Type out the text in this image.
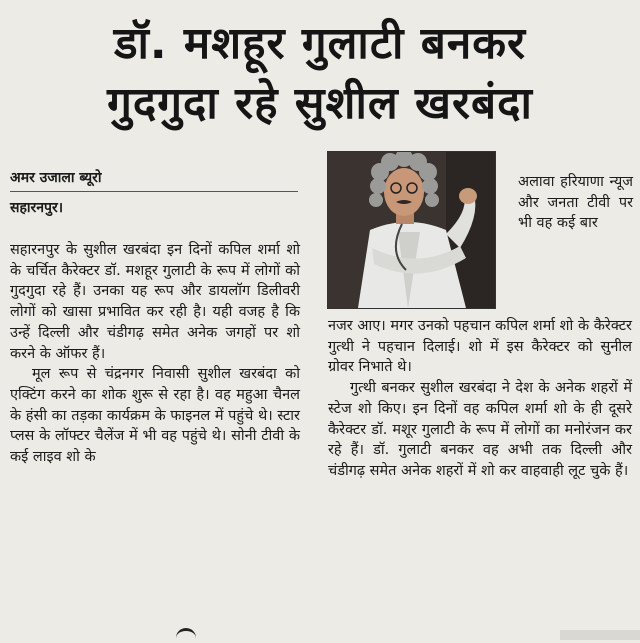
डॉ. मशहूर गुलाटी बनकर
गुदगुदा रहे सुशील खरबंदा
अमर उजाला ब्यूरो
सहारनपुर।

सहारनपुर के सुशील खरबंदा इन दिनों कपिल शर्मा शो के चर्चित कैरेक्टर डॉ. मशहूर गुलाटी के रूप में लोगों को गुदगुदा रहे हैं। उनका यह रूप और डायलॉग डिलीवरी लोगों को खासा प्रभावित कर रही है। यही वजह है कि उन्हें दिल्ली और चंडीगढ़ समेत अनेक जगहों पर शो करने के ऑफर हैं।

मूल रूप से चंद्रनगर निवासी सुशील खरबंदा को एक्टिंग करने का शोक शुरू से रहा है। वह महुआ चैनल के हंसी का तड़का कार्यक्रम के फाइनल में पहुंचे थे। स्टार प्लस के लॉफ्टर चैलेंज में भी वह पहुंचे थे। सोनी टीवी के कई लाइव शो के

अलावा हरियाणा न्यूज और जनता टीवी पर भी वह कई बार

नजर आए। मगर उनको पहचान कपिल शर्मा शो के कैरेक्टर गुत्थी ने पहचान दिलाई। शो में इस कैरेक्टर को सुनील ग्रोवर निभाते थे।

गुत्थी बनकर सुशील खरबंदा ने देश के अनेक शहरों में स्टेज शो किए। इन दिनों वह कपिल शर्मा शो के ही दूसरे कैरेक्टर डॉ. मशूर गुलाटी के रूप में लोगों का मनोरंजन कर रहे हैं। डॉ. गुलाटी बनकर वह अभी तक दिल्ली और चंडीगढ़ समेत अनेक शहरों में शो कर वाहवाही लूट चुके हैं।
